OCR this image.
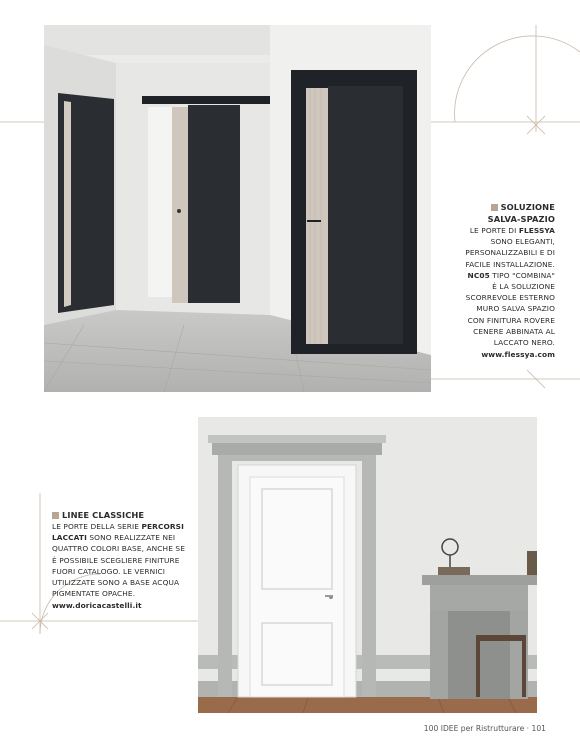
SOLUZIONE
SALVA-SPAZIO

LE PORTE DI FLESSYA

SONO ELEGANTI,

PERSONALIZZABILI E DI

FACILE INSTALLAZIONE.

NC05 TIPO "COMBINA"

È LA SOLUZIONE

SCORREVOLE ESTERNO

MURO SALVA SPAZIO

CON FINITURA ROVERE

CENERE ABBINATA AL

LACCATO NERO.

www.flessya.com

LINEE CLASSICHE

LE PORTE DELLA SERIE PERCORSI

LACCATI SONO REALIZZATE NEI

QUATTRO COLORI BASE, ANCHE SE

È POSSIBILE SCEGLIERE FINITURE

FUORI CATALOGO. LE VERNICI

UTILIZZATE SONO A BASE ACQUA

PIGMENTATE OPACHE.

www.doricacastelli.it

100 IDEE per Ristrutturare · 101
